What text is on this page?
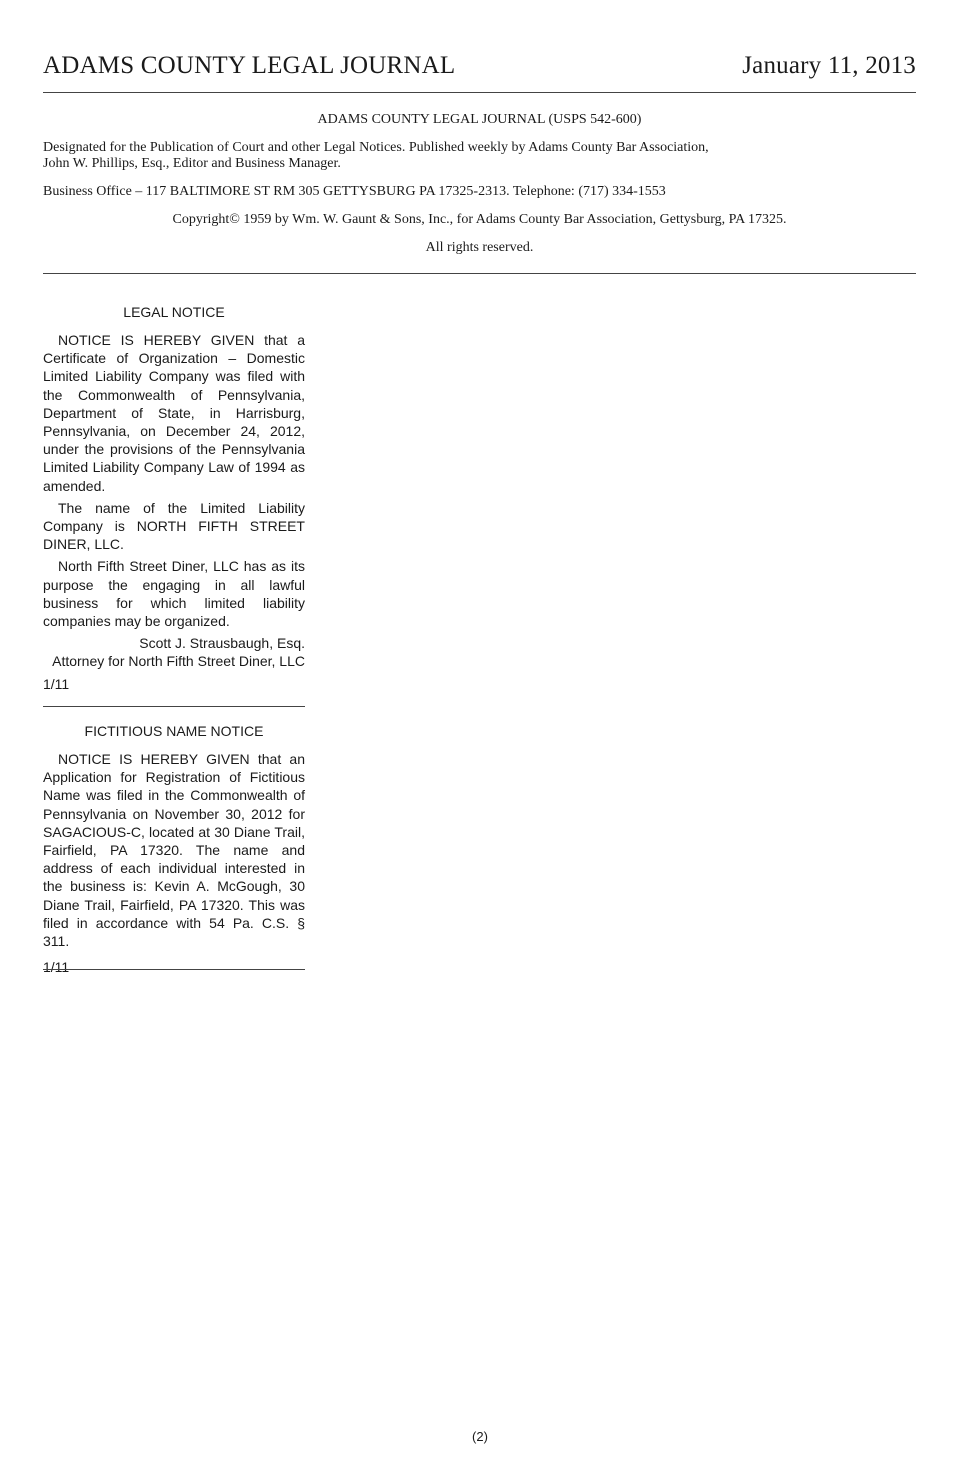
ADAMS COUNTY LEGAL JOURNAL	January 11, 2013
ADAMS COUNTY LEGAL JOURNAL (USPS 542-600)
Designated for the Publication of Court and other Legal Notices. Published weekly by Adams County Bar Association,
John W. Phillips, Esq., Editor and Business Manager.
Business Office – 117 BALTIMORE ST RM 305 GETTYSBURG PA 17325-2313. Telephone: (717) 334-1553
Copyright© 1959 by Wm. W. Gaunt & Sons, Inc., for Adams County Bar Association, Gettysburg, PA 17325.
All rights reserved.
LEGAL NOTICE

NOTICE IS HEREBY GIVEN that a Certificate of Organization – Domestic Limited Liability Company was filed with the Commonwealth of Pennsylvania, Department of State, in Harrisburg, Pennsylvania, on December 24, 2012, under the provisions of the Pennsylvania Limited Liability Company Law of 1994 as amended.

The name of the Limited Liability Company is NORTH FIFTH STREET DINER, LLC.

North Fifth Street Diner, LLC has as its purpose the engaging in all lawful business for which limited liability companies may be organized.

Scott J. Strausbaugh, Esq.
Attorney for North Fifth Street Diner, LLC

1/11

FICTITIOUS NAME NOTICE

NOTICE IS HEREBY GIVEN that an Application for Registration of Fictitious Name was filed in the Commonwealth of Pennsylvania on November 30, 2012 for SAGACIOUS-C, located at 30 Diane Trail, Fairfield, PA 17320. The name and address of each individual interested in the business is: Kevin A. McGough, 30 Diane Trail, Fairfield, PA 17320. This was filed in accordance with 54 Pa. C.S. § 311.

1/11

(2)
